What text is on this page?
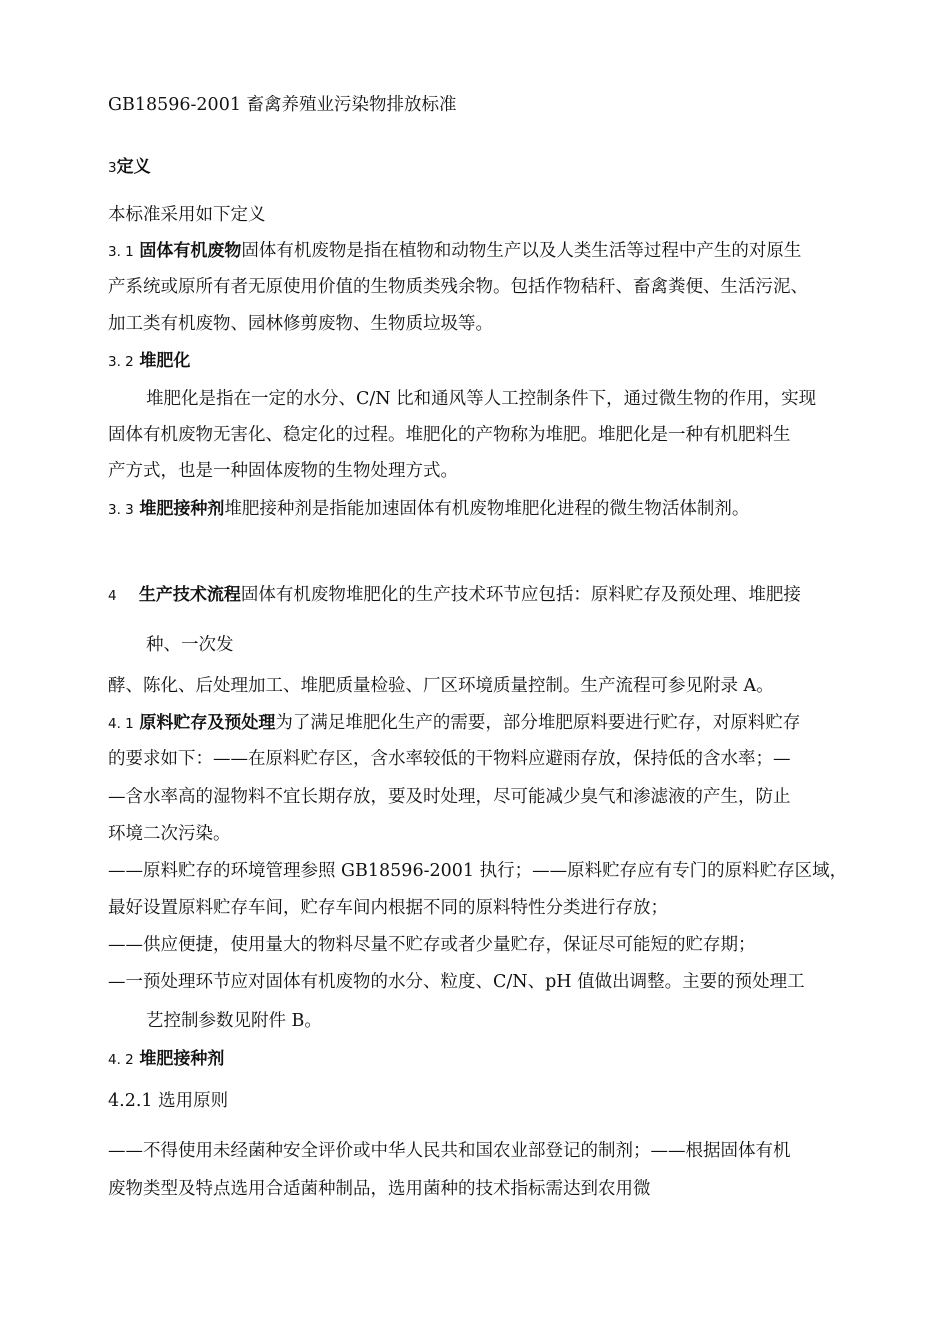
GB18596-2001 畜禽养殖业污染物排放标准
3定义
本标准采用如下定义
3. 1 固体有机废物固体有机废物是指在植物和动物生产以及人类生活等过程中产生的对原生
产系统或原所有者无原使用价值的生物质类残余物。包括作物秸秆、畜禽粪便、生活污泥、
加工类有机废物、园林修剪废物、生物质垃圾等。
3. 2 堆肥化
堆肥化是指在一定的水分、C/N 比和通风等人工控制条件下，通过微生物的作用，实现
固体有机废物无害化、稳定化的过程。堆肥化的产物称为堆肥。堆肥化是一种有机肥料生
产方式，也是一种固体废物的生物处理方式。
3. 3 堆肥接种剂堆肥接种剂是指能加速固体有机废物堆肥化进程的微生物活体制剂。
4 生产技术流程固体有机废物堆肥化的生产技术环节应包括：原料贮存及预处理、堆肥接
种、一次发
酵、陈化、后处理加工、堆肥质量检验、厂区环境质量控制。生产流程可参见附录 A。
4. 1 原料贮存及预处理为了满足堆肥化生产的需要，部分堆肥原料要进行贮存，对原料贮存
的要求如下：——在原料贮存区，含水率较低的干物料应避雨存放，保持低的含水率；—
—含水率高的湿物料不宜长期存放，要及时处理，尽可能减少臭气和渗滤液的产生，防止
环境二次污染。
——原料贮存的环境管理参照 GB18596-2001 执行；——原料贮存应有专门的原料贮存区域，
最好设置原料贮存车间，贮存车间内根据不同的原料特性分类进行存放；
——供应便捷，使用量大的物料尽量不贮存或者少量贮存，保证尽可能短的贮存期；
—一预处理环节应对固体有机废物的水分、粒度、C/N、pH 值做出调整。主要的预处理工
艺控制参数见附件 B。
4. 2 堆肥接种剂
4.2.1 选用原则
——不得使用未经菌种安全评价或中华人民共和国农业部登记的制剂；——根据固体有机
废物类型及特点选用合适菌种制品，选用菌种的技术指标需达到农用微
